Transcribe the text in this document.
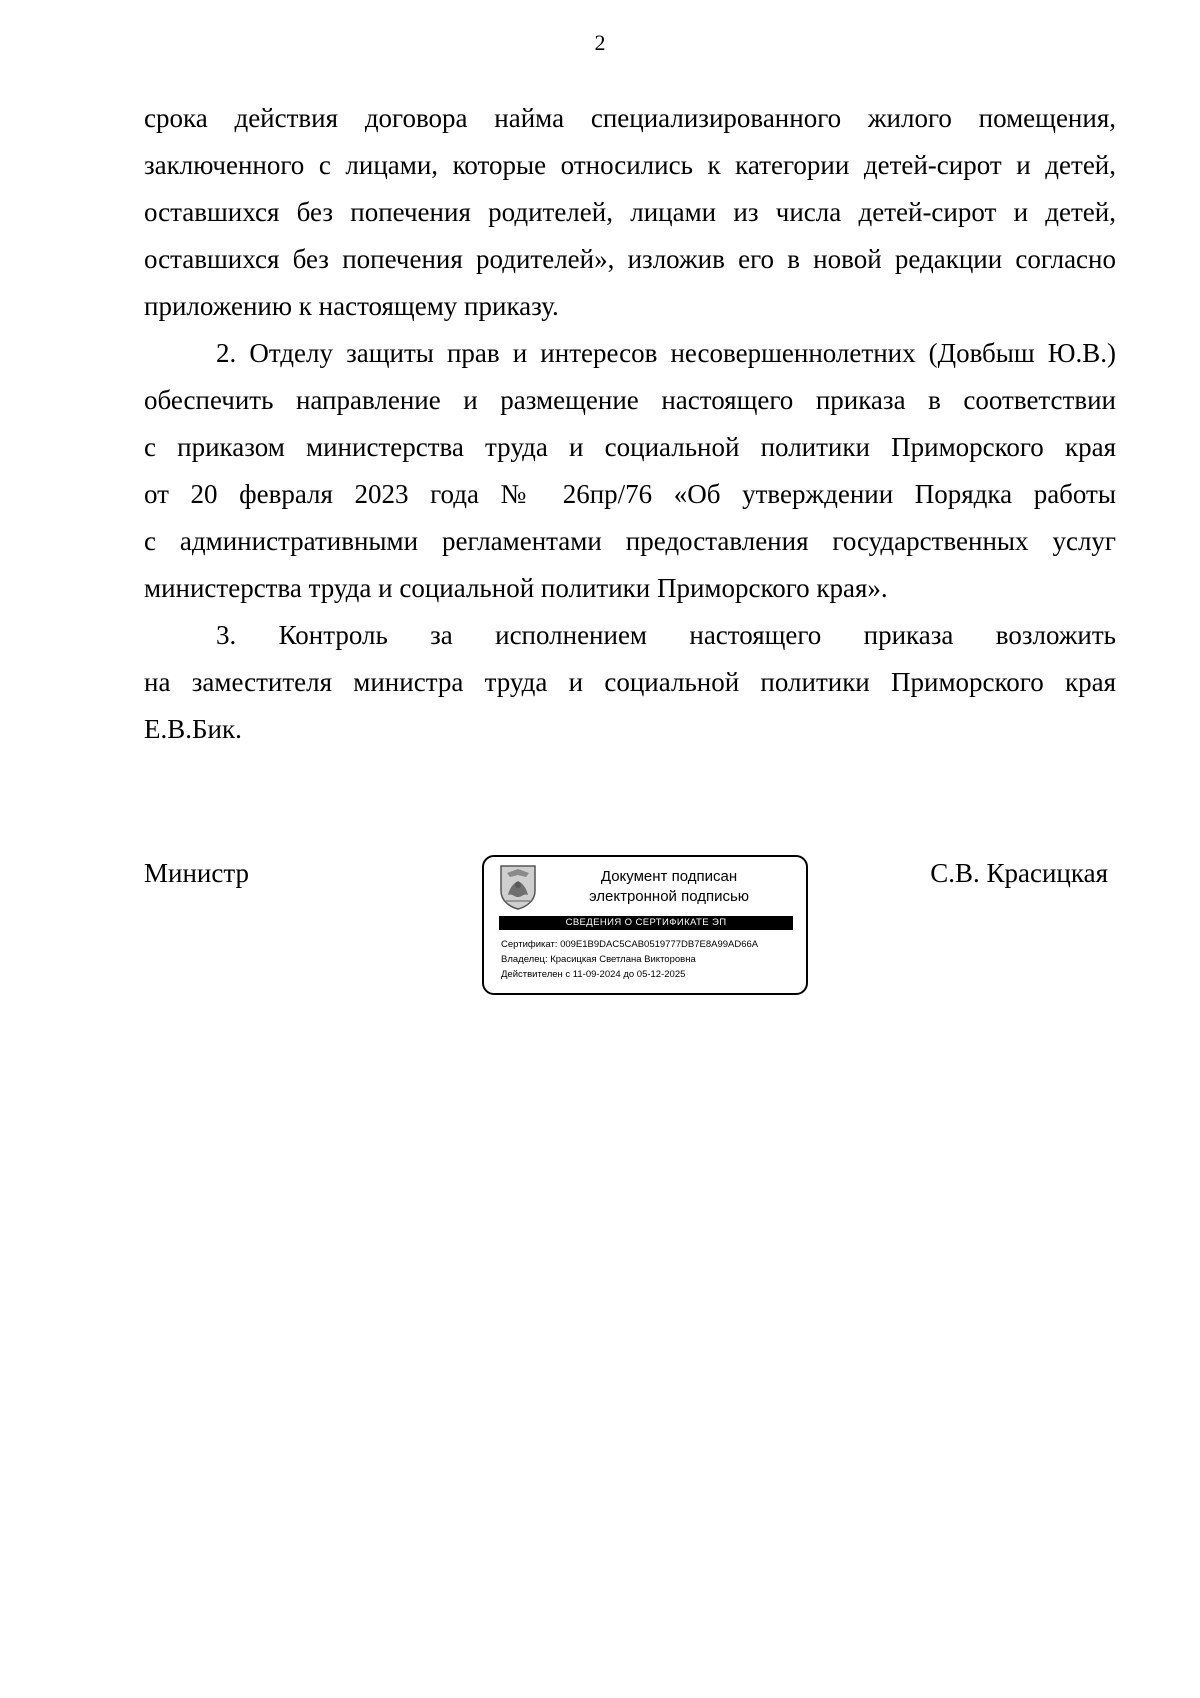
2

срока действия договора найма специализированного жилого помещения,
заключенного с лицами, которые относились к категории детей-сирот и детей,
оставшихся без попечения родителей, лицами из числа детей-сирот и детей,
оставшихся без попечения родителей», изложив его в новой редакции согласно
приложению к настоящему приказу.

2. Отделу защиты прав и интересов несовершеннолетних (Довбыш Ю.В.)
обеспечить направление и размещение настоящего приказа в соответствии
с приказом министерства труда и социальной политики Приморского края
от 20 февраля 2023 года № 26пр/76 «Об утверждении Порядка работы
с административными регламентами предоставления государственных услуг
министерства труда и социальной политики Приморского края».

3. Контроль за исполнением настоящего приказа возложить
на заместителя министра труда и социальной политики Приморского края
Е.В.Бик.

Министр	Документ подписан
электронной подписью
СВЕДЕНИЯ О СЕРТИФИКАТЕ ЭП
Сертификат: 009E1B9DAC5CAB0519777DB7E8A99AD66A
Владелец: Красицкая Светлана Викторовна
Действителен с 11-09-2024 до 05-12-2025
С.В. Красицкая
